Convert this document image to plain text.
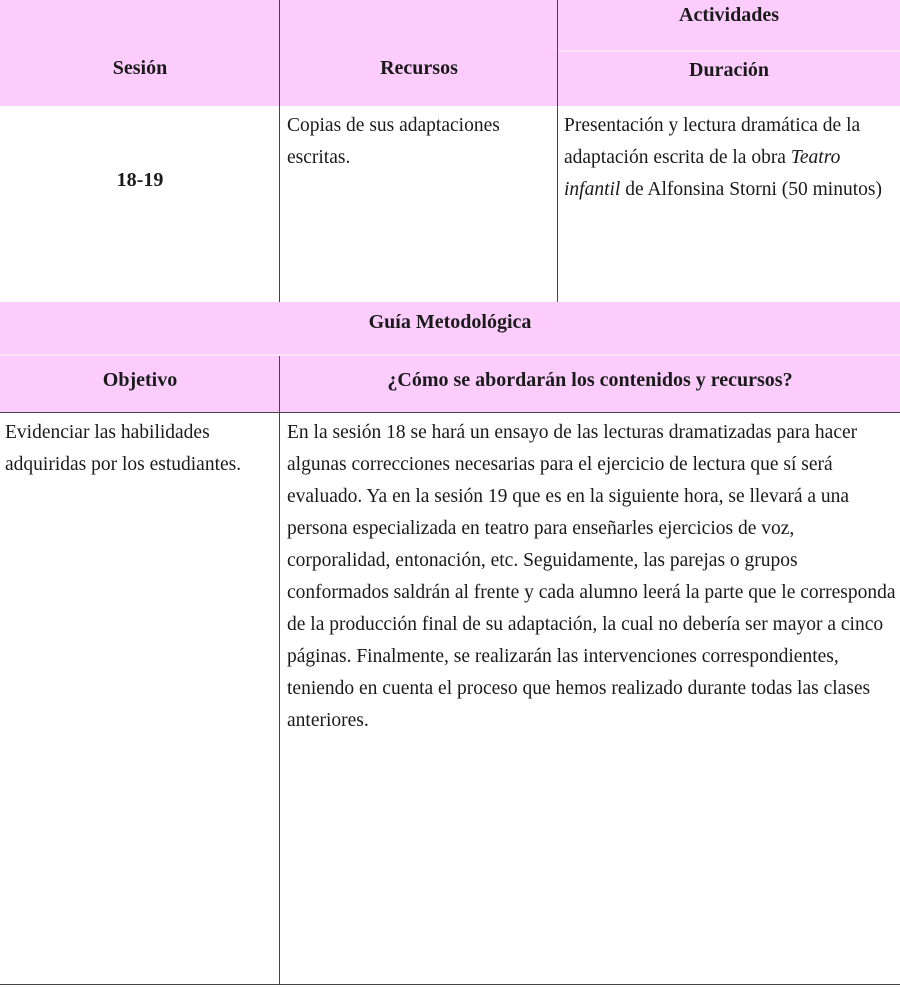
Sesión	Recursos
Actividades
Duración
18-19
Copias de sus adaptaciones escritas.
Presentación y lectura dramática de la adaptación escrita de la obra Teatro infantil de Alfonsina Storni (50 minutos)
Guía Metodológica
Objetivo	¿Cómo se abordarán los contenidos y recursos?
Evidenciar las habilidades adquiridas por los estudiantes.
En la sesión 18 se hará un ensayo de las lecturas dramatizadas para hacer algunas correcciones necesarias para el ejercicio de lectura que sí será evaluado. Ya en la sesión 19 que es en la siguiente hora, se llevará a una persona especializada en teatro para enseñarles ejercicios de voz, corporalidad, entonación, etc. Seguidamente, las parejas o grupos conformados saldrán al frente y cada alumno leerá la parte que le corresponda de la producción final de su adaptación, la cual no debería ser mayor a cinco páginas. Finalmente, se realizarán las intervenciones correspondientes, teniendo en cuenta el proceso que hemos realizado durante todas las clases anteriores.
